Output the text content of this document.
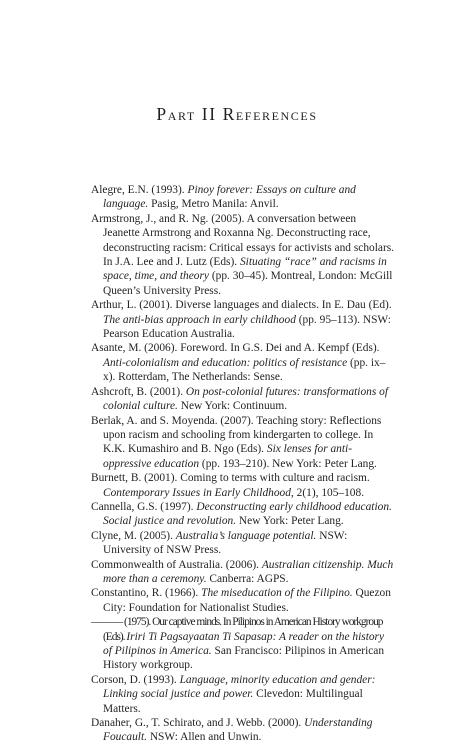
Part II References

Alegre, E.N. (1993). Pinoy forever: Essays on culture and language. Pasig, Metro Manila: Anvil.

Armstrong, J., and R. Ng. (2005). A conversation between Jeanette Armstrong and Roxanna Ng. Deconstructing race, deconstructing racism: Critical essays for activists and scholars. In J.A. Lee and J. Lutz (Eds). Situating “race” and racisms in space, time, and theory (pp. 30–45). Montreal, London: McGill Queen’s University Press.

Arthur, L. (2001). Diverse languages and dialects. In E. Dau (Ed). The anti-bias approach in early childhood (pp. 95–113). NSW: Pearson Education Australia.

Asante, M. (2006). Foreword. In G.S. Dei and A. Kempf (Eds). Anti-colonialism and education: politics of resistance (pp. ix–x). Rotterdam, The Netherlands: Sense.

Ashcroft, B. (2001). On post-colonial futures: transformations of colonial culture. New York: Continuum.

Berlak, A. and S. Moyenda. (2007). Teaching story: Reflections upon racism and schooling from kindergarten to college. In K.K. Kumashiro and B. Ngo (Eds). Six lenses for anti-oppressive education (pp. 193–210). New York: Peter Lang.

Burnett, B. (2001). Coming to terms with culture and racism. Contemporary Issues in Early Childhood, 2(1), 105–108.

Cannella, G.S. (1997). Deconstructing early childhood education. Social justice and revolution. New York: Peter Lang.

Clyne, M. (2005). Australia’s language potential. NSW: University of NSW Press.

Commonwealth of Australia. (2006). Australian citizenship. Much more than a ceremony. Canberra: AGPS.

Constantino, R. (1966). The miseducation of the Filipino. Quezon City: Foundation for Nationalist Studies.

——— (1975). Our captive minds. In Pilipinos in American History workgroup (Eds). Iriri Ti Pagsayaatan Ti Sapasap: A reader on the history of Pilipinos in America. San Francisco: Pilipinos in American History workgroup.

Corson, D. (1993). Language, minority education and gender: Linking social justice and power. Clevedon: Multilingual Matters.

Danaher, G., T. Schirato, and J. Webb. (2000). Understanding Foucault. NSW: Allen and Unwin.
